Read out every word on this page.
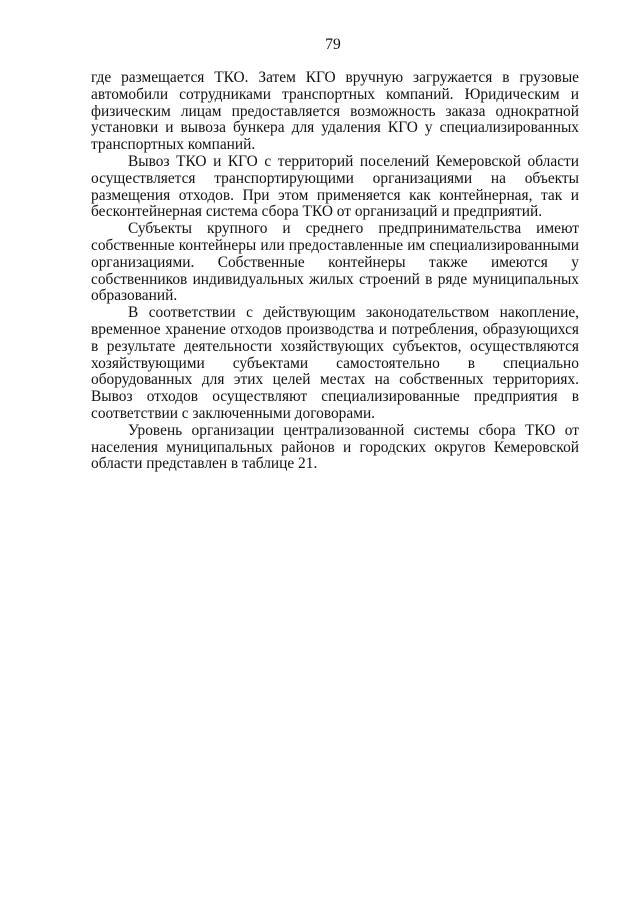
79

где размещается ТКО. Затем КГО вручную загружается в грузовые автомобили сотрудниками транспортных компаний. Юридическим и физическим лицам предоставляется возможность заказа однократной установки и вывоза бункера для удаления КГО у специализированных транспортных компаний.

Вывоз ТКО и КГО с территорий поселений Кемеровской области осуществляется транспортирующими организациями на объекты размещения отходов. При этом применяется как контейнерная, так и бесконтейнерная система сбора ТКО от организаций и предприятий.

Субъекты крупного и среднего предпринимательства имеют собственные контейнеры или предоставленные им специализированными организациями. Собственные контейнеры также имеются у собственников индивидуальных жилых строений в ряде муниципальных образований.

В соответствии с действующим законодательством накопление, временное хранение отходов производства и потребления, образующихся в результате деятельности хозяйствующих субъектов, осуществляются хозяйствующими субъектами самостоятельно в специально оборудованных для этих целей местах на собственных территориях. Вывоз отходов осуществляют специализированные предприятия в соответствии с заключенными договорами.

Уровень организации централизованной системы сбора ТКО от населения муниципальных районов и городских округов Кемеровской области представлен в таблице 21.
